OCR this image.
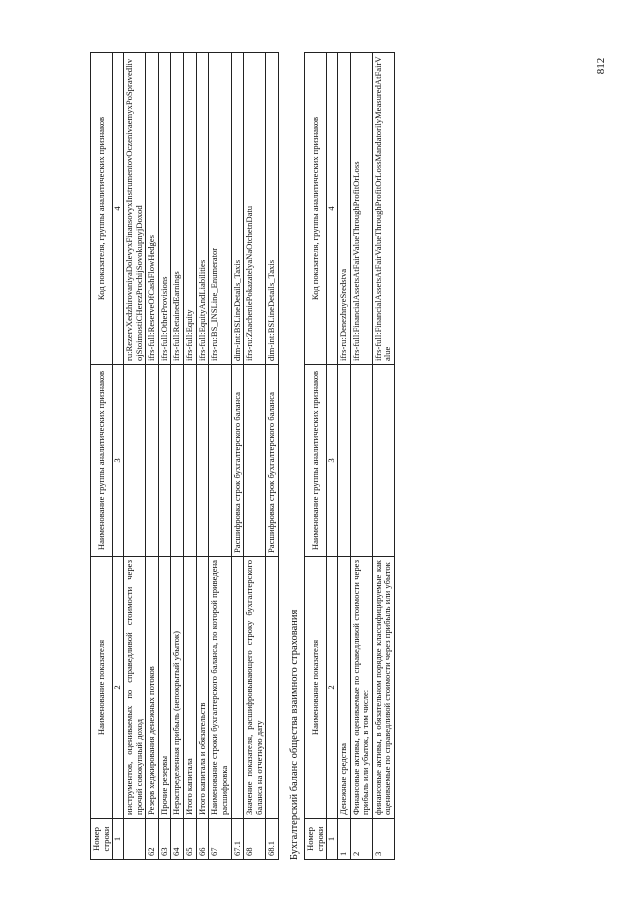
812
Номер строки	Наименование показателя	Наименование группы аналитических признаков	Код показателя, группы аналитических признаков
1	2	3	4
	инструментов, оцениваемых по справедливой стоимости через прочий совокупный доход		ru:RezervXedzhirovaniyaDolevyxFinansovyxInstrumentovOczenivaemyxPoSpravedlivojStoimostiCHerezProchijSovokupnyjDoxod
62	Резерв хеджирования денежных потоков		ifrs-full:ReserveOfCashFlowHedges
63	Прочие резервы		ifrs-full:OtherProvisions
64	Нераспределенная прибыль (непокрытый убыток)		ifrs-full:RetainedEarnings
65	Итого капитала		ifrs-full:Equity
66	Итого капитала и обязательств		ifrs-full:EquityAndLiabilities
67	Наименование строки бухгалтерского баланса, по которой приведена расшифровка		ifrs-ru:BS_INSLine_Enumerator
67.1		Расшифровка строк бухгалтерского баланса	dim-int:BSLineDetails_Taxis
68	Значение показателя, расшифровывающего строку бухгалтерского баланса на отчетную дату		ifrs-ru:ZnacheniePokazatelyaNaOtchetnDatu
68.1		Расшифровка строк бухгалтерского баланса	dim-int:BSLineDetails_Taxis
Бухгалтерский баланс общества взаимного страхования Номер строки	Наименование показателя	Наименование группы аналитических признаков	Код показателя, группы аналитических признаков
1	2	3	4
1	Денежные средства		ifrs-ru:DenezhnyeSredstva
2	Финансовые активы, оцениваемые по справедливой стоимости через прибыль или убыток, в том числе:		ifrs-full:FinancialAssetsAtFairValueThroughProfitOrLoss
3	финансовые активы, в обязательном порядке классифицируемые как оцениваемые по справедливой стоимости через прибыль или убыток		ifrs-full:FinancialAssetsAtFairValueThroughProfitOrLossMandatorilyMeasuredAtFairValue
